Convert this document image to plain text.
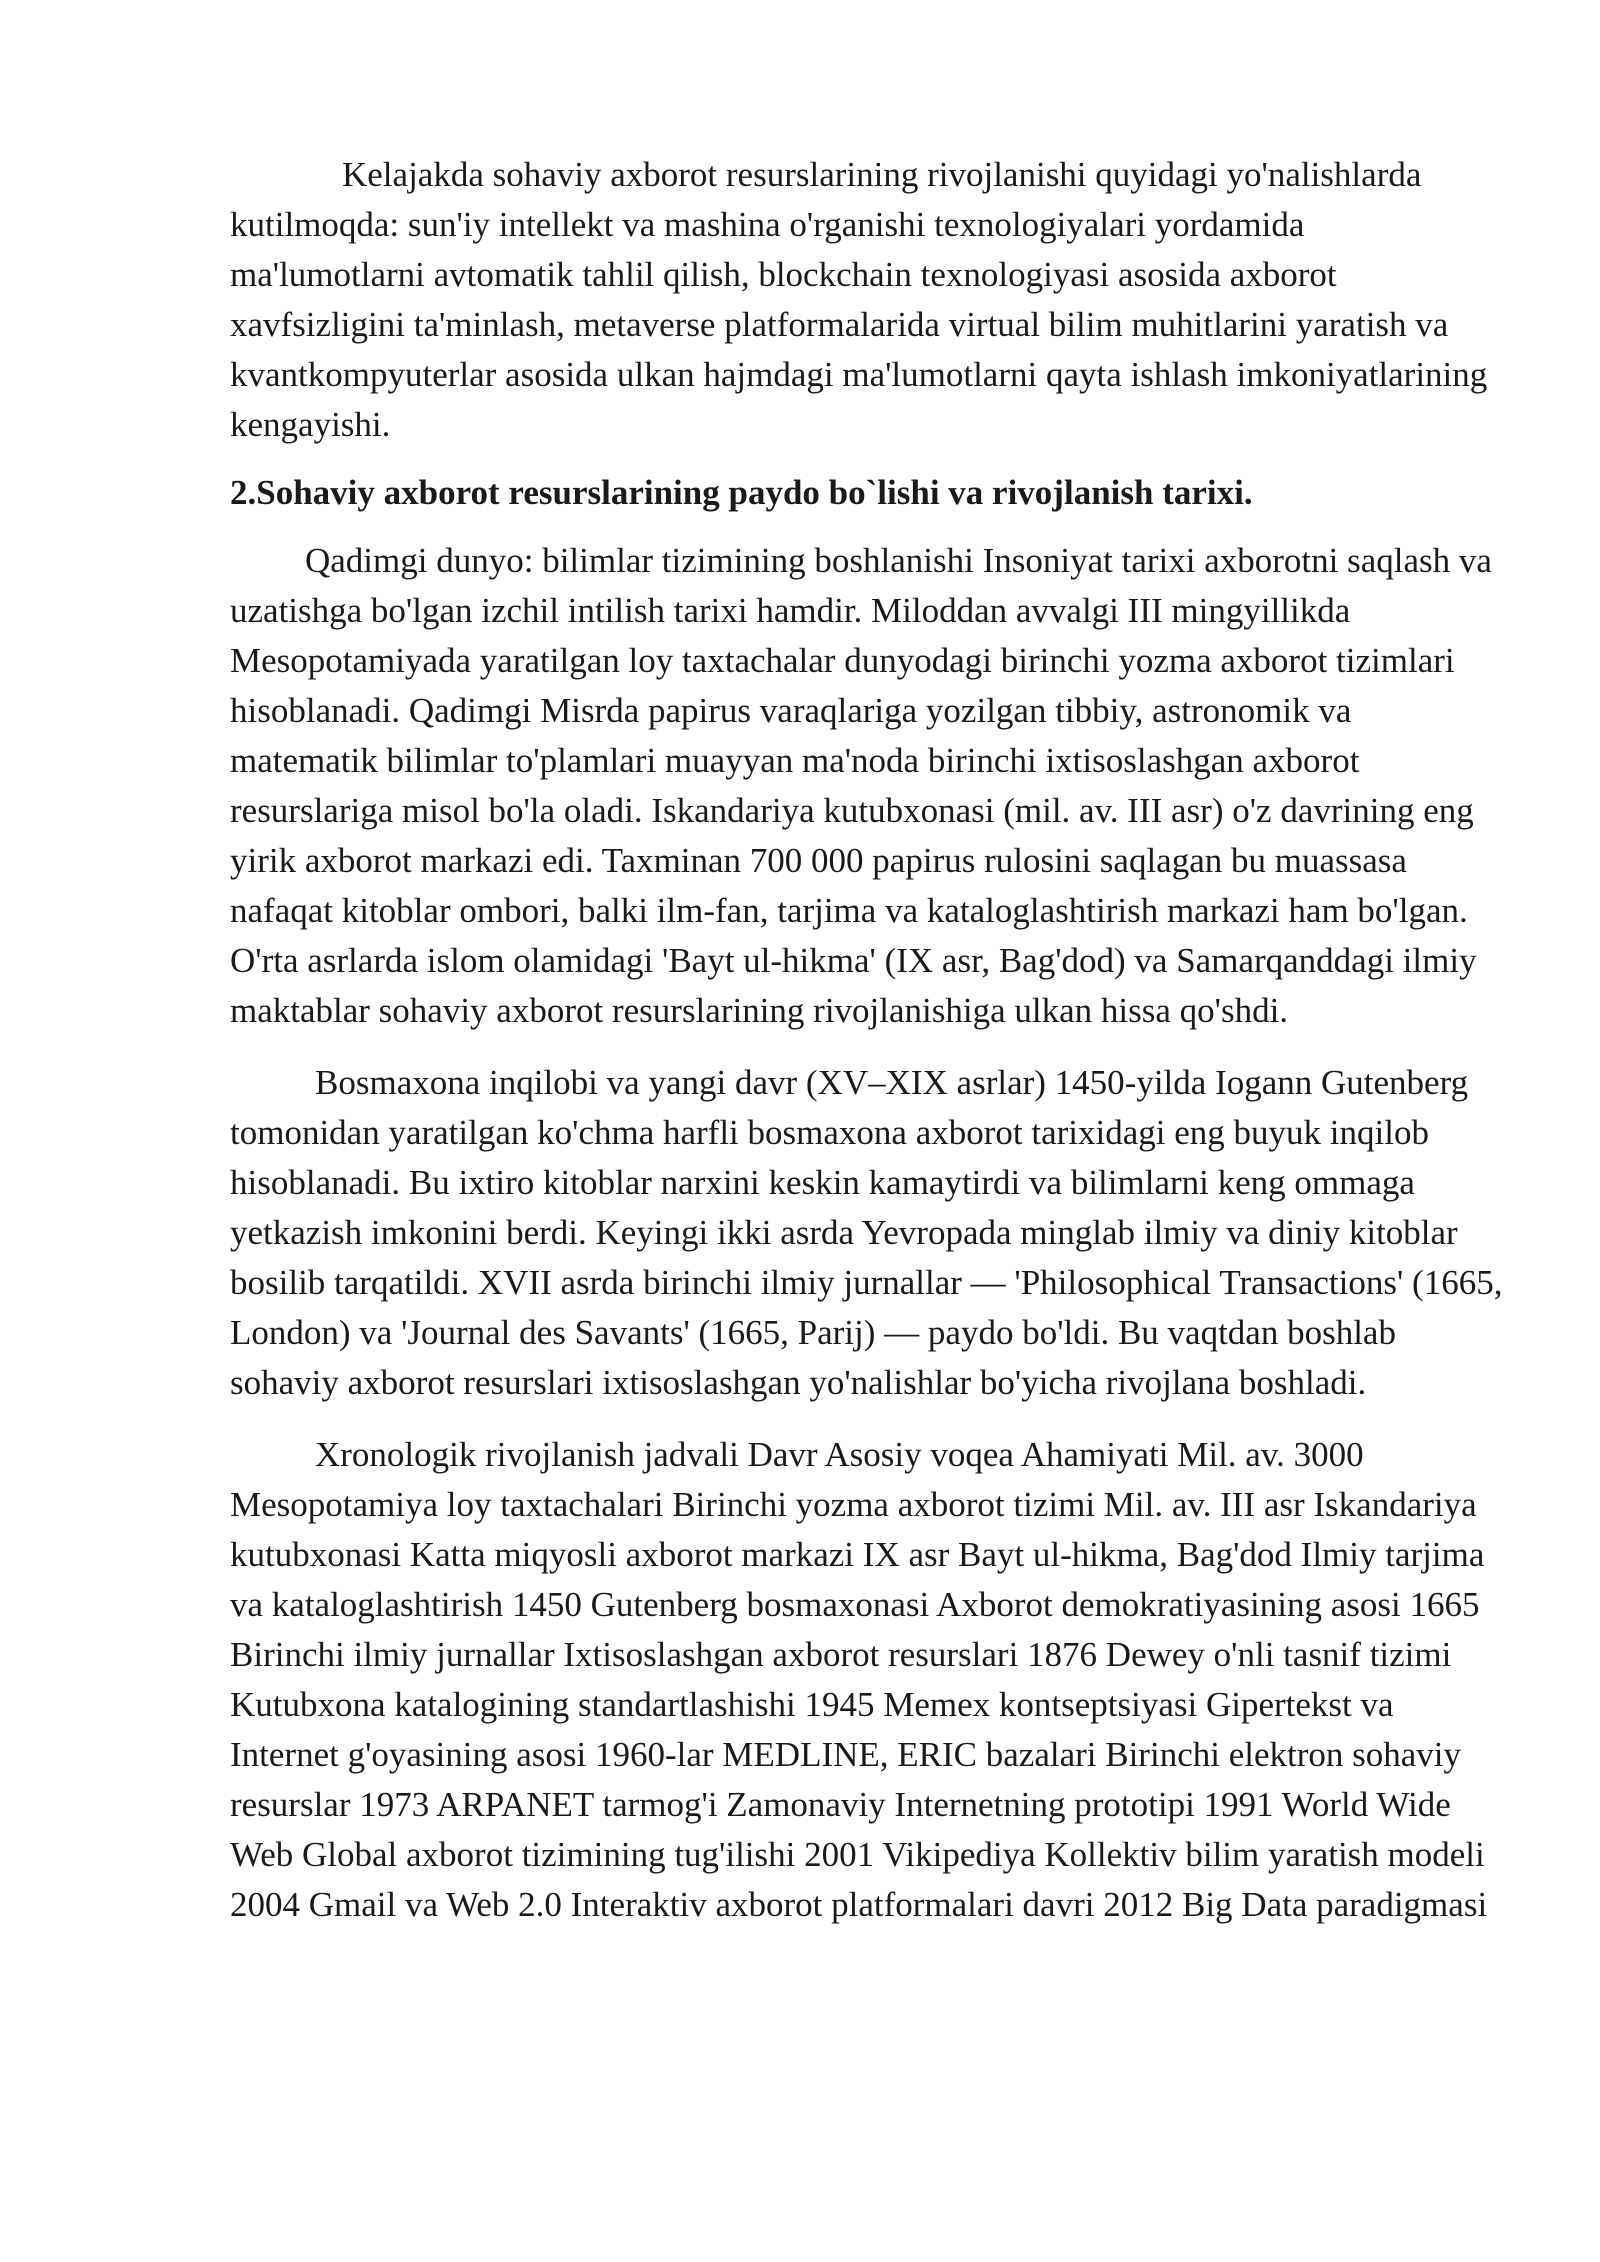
Kelajakda sohaviy axborot resurslarining rivojlanishi quyidagi yo'nalishlarda kutilmoqda: sun'iy intellekt va mashina o'rganishi texnologiyalari yordamida ma'lumotlarni avtomatik tahlil qilish, blockchain texnologiyasi asosida axborot xavfsizligini ta'minlash, metaverse platformalarida virtual bilim muhitlarini yaratish va kvantkompyuterlar asosida ulkan hajmdagi ma'lumotlarni qayta ishlash imkoniyatlarining kengayishi.

2.Sohaviy axborot resurslarining paydo bo`lishi va rivojlanish tarixi.

Qadimgi dunyo: bilimlar tizimining boshlanishi Insoniyat tarixi axborotni saqlash va uzatishga bo'lgan izchil intilish tarixi hamdir. Miloddan avvalgi III mingyillikda Mesopotamiyada yaratilgan loy taxtachalar dunyodagi birinchi yozma axborot tizimlari hisoblanadi. Qadimgi Misrda papirus varaqlariga yozilgan tibbiy, astronomik va matematik bilimlar to'plamlari muayyan ma'noda birinchi ixtisoslashgan axborot resurslariga misol bo'la oladi. Iskandariya kutubxonasi (mil. av. III asr) o'z davrining eng yirik axborot markazi edi. Taxminan 700 000 papirus rulosini saqlagan bu muassasa nafaqat kitoblar ombori, balki ilm-fan, tarjima va kataloglashtirish markazi ham bo'lgan. O'rta asrlarda islom olamidagi 'Bayt ul-hikma' (IX asr, Bag'dod) va Samarqanddagi ilmiy maktablar sohaviy axborot resurslarining rivojlanishiga ulkan hissa qo'shdi.

Bosmaxona inqilobi va yangi davr (XV–XIX asrlar) 1450-yilda Iogann Gutenberg tomonidan yaratilgan ko'chma harfli bosmaxona axborot tarixidagi eng buyuk inqilob hisoblanadi. Bu ixtiro kitoblar narxini keskin kamaytirdi va bilimlarni keng ommaga yetkazish imkonini berdi. Keyingi ikki asrda Yevropada minglab ilmiy va diniy kitoblar bosilib tarqatildi. XVII asrda birinchi ilmiy jurnallar — 'Philosophical Transactions' (1665, London) va 'Journal des Savants' (1665, Parij) — paydo bo'ldi. Bu vaqtdan boshlab sohaviy axborot resurslari ixtisoslashgan yo'nalishlar bo'yicha rivojlana boshladi.

Xronologik rivojlanish jadvali Davr Asosiy voqea Ahamiyati Mil. av. 3000 Mesopotamiya loy taxtachalari Birinchi yozma axborot tizimi Mil. av. III asr Iskandariya kutubxonasi Katta miqyosli axborot markazi IX asr Bayt ul-hikma, Bag'dod Ilmiy tarjima va kataloglashtirish 1450 Gutenberg bosmaxonasi Axborot demokratiyasining asosi 1665 Birinchi ilmiy jurnallar Ixtisoslashgan axborot resurslari 1876 Dewey o'nli tasnif tizimi Kutubxona katalogining standartlashishi 1945 Memex kontseptsiyasi Gipertekst va Internet g'oyasining asosi 1960-lar MEDLINE, ERIC bazalari Birinchi elektron sohaviy resurslar 1973 ARPANET tarmog'i Zamonaviy Internetning prototipi 1991 World Wide Web Global axborot tizimining tug'ilishi 2001 Vikipediya Kollektiv bilim yaratish modeli 2004 Gmail va Web 2.0 Interaktiv axborot platformalari davri 2012 Big Data paradigmasi
